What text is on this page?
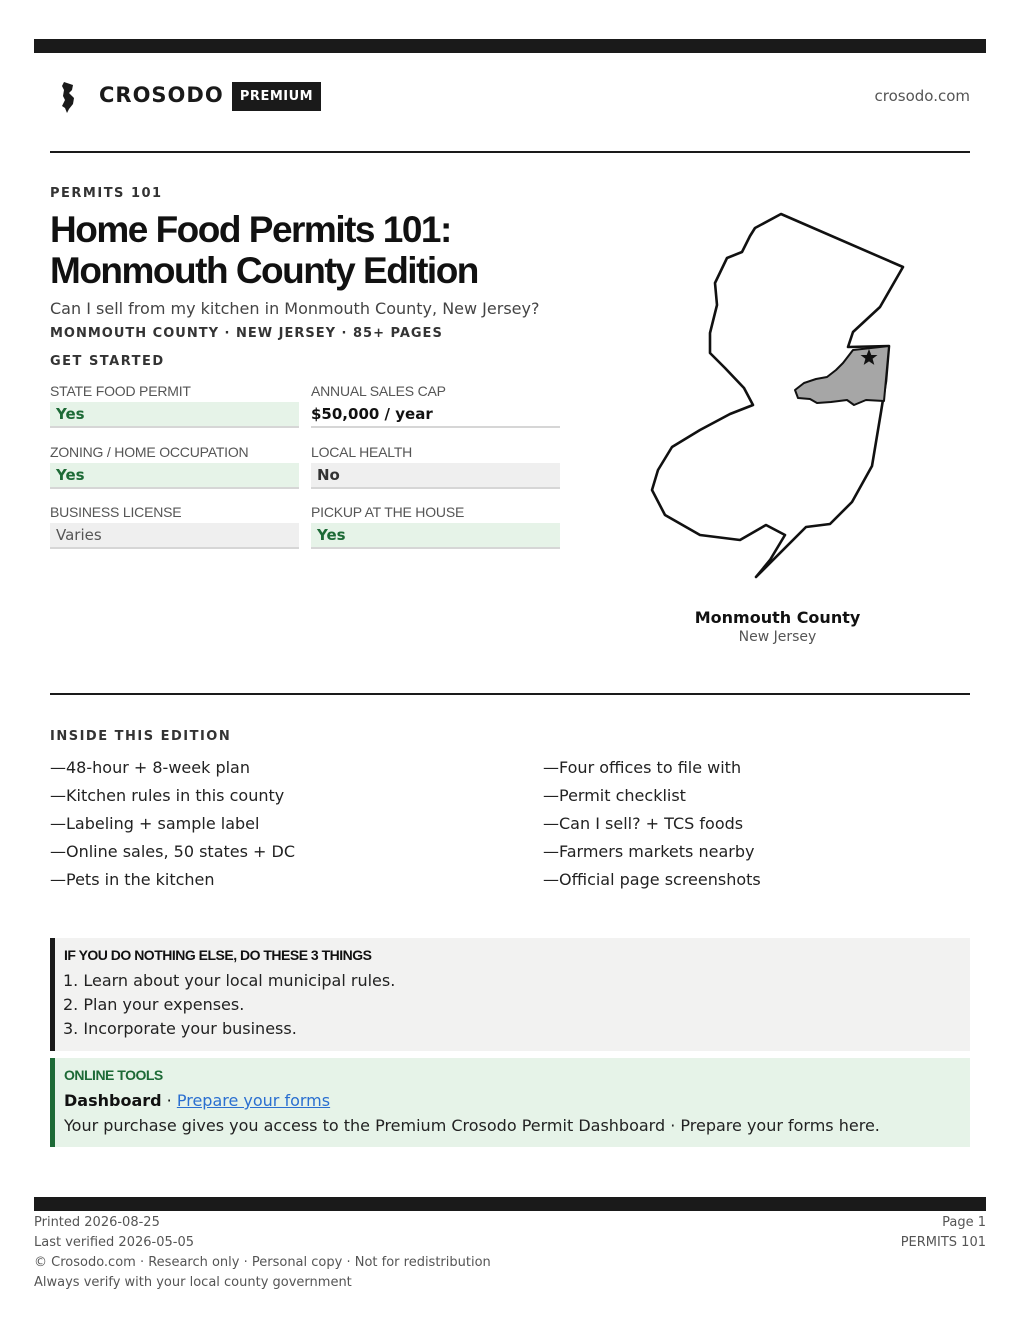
CROSODO	PREMIUM	crosodo.com
PERMITS 101
Home Food Permits 101:
Monmouth County Edition
Can I sell from my kitchen in Monmouth County, New Jersey?
MONMOUTH COUNTY · NEW JERSEY · 85+ PAGES
GET STARTED
STATE FOOD PERMIT
Yes
ANNUAL SALES CAP
$50,000 / year
ZONING / HOME OCCUPATION
Yes
LOCAL HEALTH
No
BUSINESS LICENSE
Varies
PICKUP AT THE HOUSE
Yes
Monmouth County
New Jersey
INSIDE THIS EDITION
—48-hour + 8-week plan
—Kitchen rules in this county
—Labeling + sample label
—Online sales, 50 states + DC
—Pets in the kitchen
—Four offices to file with
—Permit checklist
—Can I sell? + TCS foods
—Farmers markets nearby
—Official page screenshots
IF YOU DO NOTHING ELSE, DO THESE 3 THINGS
1. Learn about your local municipal rules.
2. Plan your expenses.
3. Incorporate your business.
ONLINE TOOLS
Dashboard · Prepare your forms
Your purchase gives you access to the Premium Crosodo Permit Dashboard · Prepare your forms here.
Printed 2026-08-25
Last verified 2026-05-05
© Crosodo.com · Research only · Personal copy · Not for redistribution
Always verify with your local county government
Page 1
PERMITS 101
